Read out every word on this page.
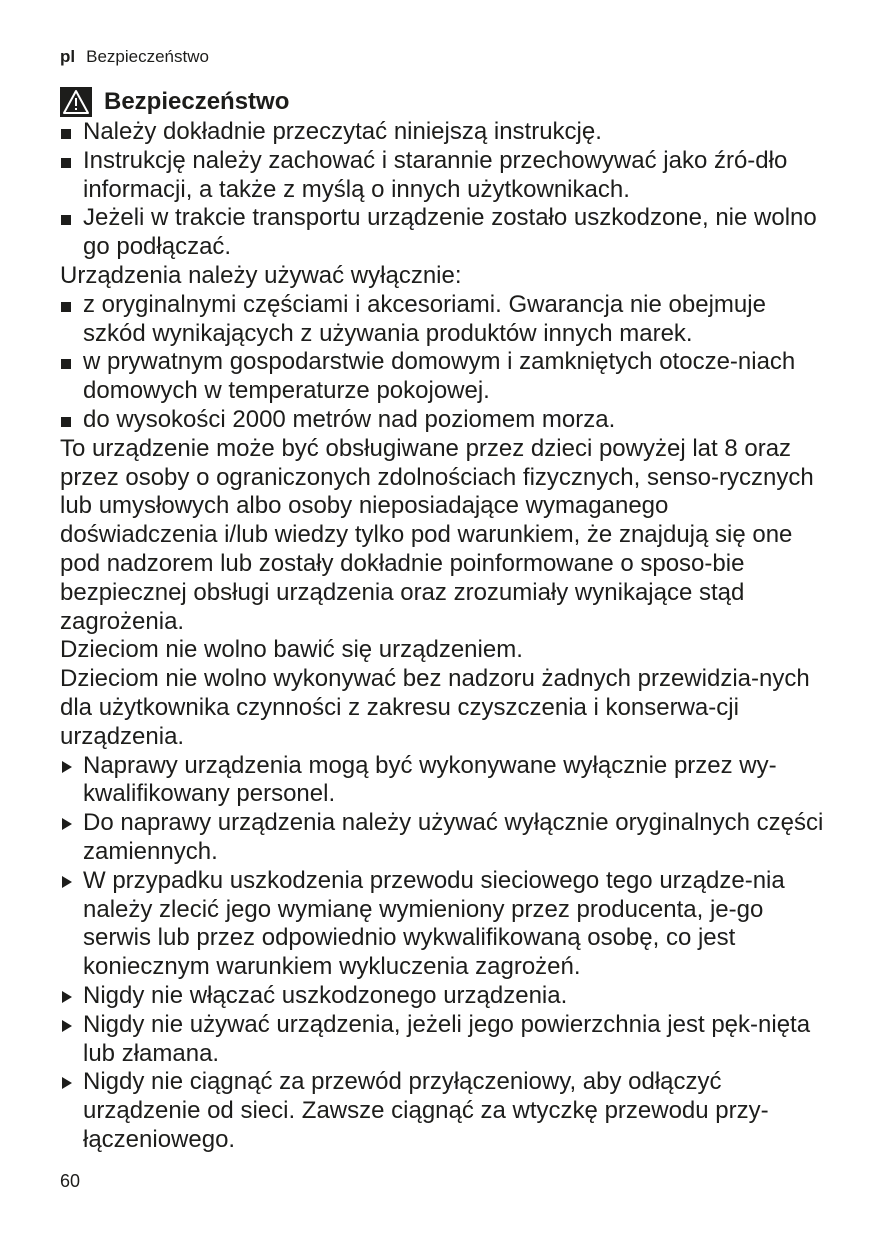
pl Bezpieczeństwo
Bezpieczeństwo
Należy dokładnie przeczytać niniejszą instrukcję.
Instrukcję należy zachować i starannie przechowywać jako źró-dło informacji, a także z myślą o innych użytkownikach.
Jeżeli w trakcie transportu urządzenie zostało uszkodzone, nie wolno go podłączać.

Urządzenia należy używać wyłącznie:

z oryginalnymi częściami i akcesoriami. Gwarancja nie obejmuje szkód wynikających z używania produktów innych marek.
w prywatnym gospodarstwie domowym i zamkniętych otocze-niach domowych w temperaturze pokojowej.
do wysokości 2000 metrów nad poziomem morza.

To urządzenie może być obsługiwane przez dzieci powyżej lat 8 oraz przez osoby o ograniczonych zdolnościach fizycznych, senso-rycznych lub umysłowych albo osoby nieposiadające wymaganego doświadczenia i/lub wiedzy tylko pod warunkiem, że znajdują się one pod nadzorem lub zostały dokładnie poinformowane o sposo-bie bezpiecznej obsługi urządzenia oraz zrozumiały wynikające stąd zagrożenia.

Dzieciom nie wolno bawić się urządzeniem.

Dzieciom nie wolno wykonywać bez nadzoru żadnych przewidzia-nych dla użytkownika czynności z zakresu czyszczenia i konserwa-cji urządzenia.

Naprawy urządzenia mogą być wykonywane wyłącznie przez wy-kwalifikowany personel.
Do naprawy urządzenia należy używać wyłącznie oryginalnych części zamiennych.
W przypadku uszkodzenia przewodu sieciowego tego urządze-nia należy zlecić jego wymianę wymieniony przez producenta, je-go serwis lub przez odpowiednio wykwalifikowaną osobę, co jest koniecznym warunkiem wykluczenia zagrożeń.
Nigdy nie włączać uszkodzonego urządzenia.
Nigdy nie używać urządzenia, jeżeli jego powierzchnia jest pęk-nięta lub złamana.
Nigdy nie ciągnąć za przewód przyłączeniowy, aby odłączyć urządzenie od sieci. Zawsze ciągnąć za wtyczkę przewodu przy-łączeniowego.
60
